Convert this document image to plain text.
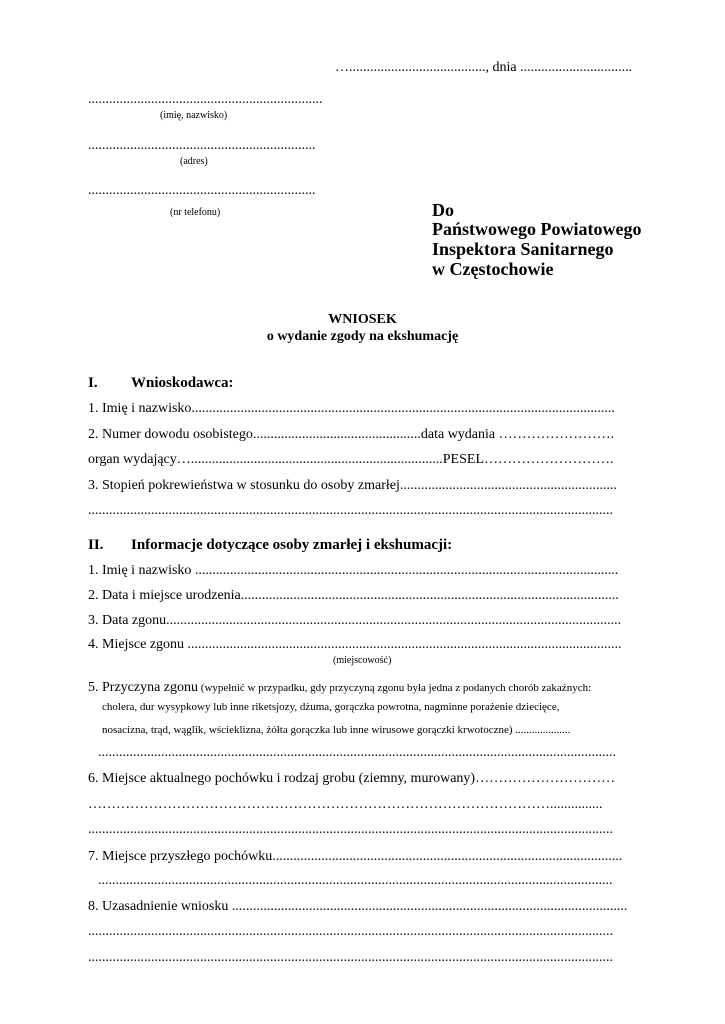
…......................................., dnia ................................
...................................................................
(imię, nazwisko)
.................................................................
(adres)
.................................................................
(nr telefonu)	Do
Państwowego Powiatowego
Inspektora Sanitarnego
w Częstochowie
WNIOSEK
o wydanie zgody na ekshumację
I. Wnioskodawca:
1. Imię i nazwisko.........................................................................................................................
2. Numer dowodu osobistego................................................data wydania …………………….
organ wydający…........................................................................PESEL……………………….
3. Stopień pokrewieństwa w stosunku do osoby zmarłej..............................................................
......................................................................................................................................................
II. Informacje dotyczące osoby zmarłej i ekshumacji:
1. Imię i nazwisko .........................................................................................................................
2. Data i miejsce urodzenia............................................................................................................
3. Data zgonu..................................................................................................................................
4. Miejsce zgonu ............................................................................................................................
(miejscowość)
5. Przyczyna zgonu (wypełnić w przypadku, gdy przyczyną zgonu była jedna z podanych chorób zakaźnych:
cholera, dur wysypkowy lub inne riketsjozy, dżuma, gorączka powrotna, nagminne porażenie dziecięce,
nosacizna, trąd, wąglik, wścieklizna, żółta gorączka lub inne wirusowe gorączki krwotoczne) ....................
....................................................................................................................................................
6. Miejsce aktualnego pochówku i rodzaj grobu (ziemny, murowany)…………………………
………………………………………………………………………………………...............
......................................................................................................................................................
7. Miejsce przyszłego pochówku....................................................................................................
...................................................................................................................................................
8. Uzasadnienie wniosku .................................................................................................................
......................................................................................................................................................
......................................................................................................................................................
